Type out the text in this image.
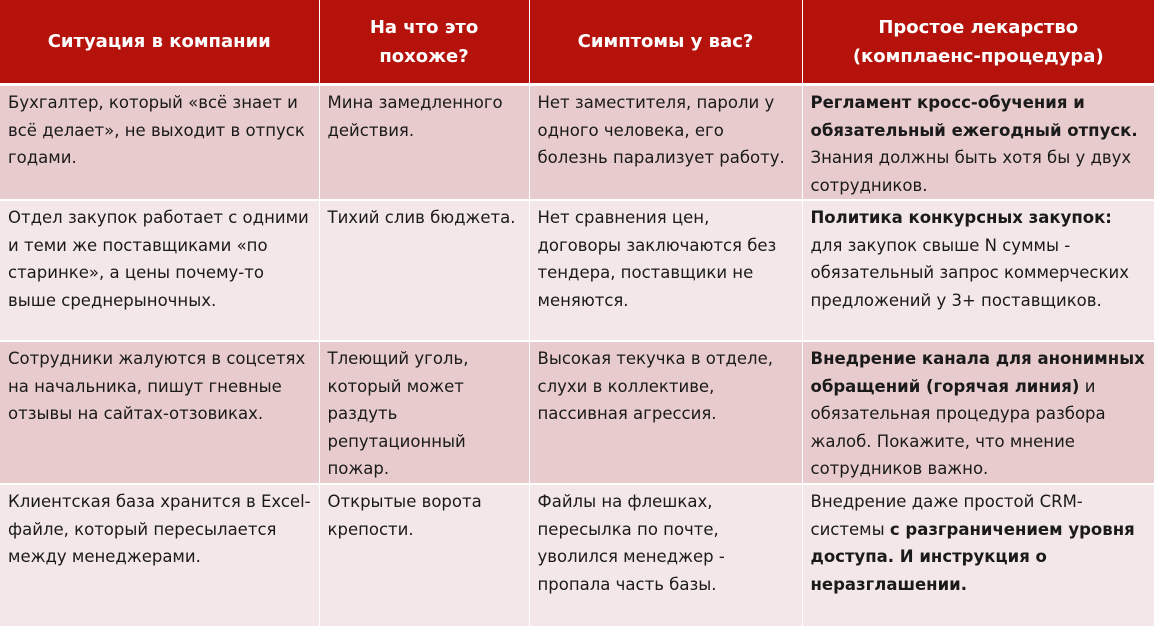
Ситуация в компании	На что это похоже?	Симптомы у вас?	Простое лекарство (комплаенс-процедура)
Бухгалтер, который «всё знает и всё делает», не выходит в отпуск годами.	Мина замедленного действия.	Нет заместителя, пароли у одного человека, его болезнь парализует работу.	Регламент кросс-обучения и обязательный ежегодный отпуск. Знания должны быть хотя бы у двух сотрудников.
Отдел закупок работает с одними и теми же поставщиками «по старинке», а цены почему-то выше среднерыночных.	Тихий слив бюджета.	Нет сравнения цен, договоры заключаются без тендера, поставщики не меняются.	Политика конкурсных закупок: для закупок свыше N суммы - обязательный запрос коммерческих предложений у 3+ поставщиков.
Сотрудники жалуются в соцсетях на начальника, пишут гневные отзывы на сайтах-отзовиках.	Тлеющий уголь, который может раздуть репутационный пожар.	Высокая текучка в отделе, слухи в коллективе, пассивная агрессия.	Внедрение канала для анонимных обращений (горячая линия) и обязательная процедура разбора жалоб. Покажите, что мнение сотрудников важно.
Клиентская база хранится в Excel-файле, который пересылается между менеджерами.	Открытые ворота крепости.	Файлы на флешках, пересылка по почте, уволился менеджер - пропала часть базы.	Внедрение даже простой CRM-системы с разграничением уровня доступа. И инструкция о неразглашении.
